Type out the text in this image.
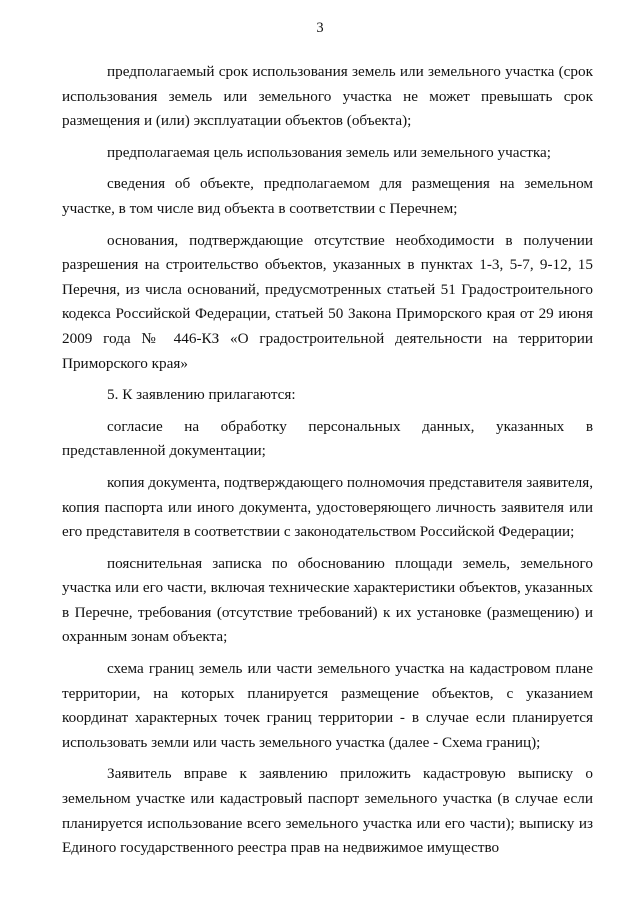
3

предполагаемый срок использования земель или земельного участка (срок использования земель или земельного участка не может превышать срок размещения и (или) эксплуатации объектов (объекта);

предполагаемая цель использования земель или земельного участка;

сведения об объекте, предполагаемом для размещения на земельном участке, в том числе вид объекта в соответствии с Перечнем;

основания, подтверждающие отсутствие необходимости в получении разрешения на строительство объектов, указанных в пунктах 1-3, 5-7, 9-12, 15 Перечня, из числа оснований, предусмотренных статьей 51 Градостроительного кодекса Российской Федерации, статьей 50 Закона Приморского края от 29 июня 2009 года № 446-КЗ «О градостроительной деятельности на территории Приморского края»

5. К заявлению прилагаются:

согласие на обработку персональных данных, указанных в представленной документации;

копия документа, подтверждающего полномочия представителя заявителя, копия паспорта или иного документа, удостоверяющего личность заявителя или его представителя в соответствии с законодательством Российской Федерации;

пояснительная записка по обоснованию площади земель, земельного участка или его части, включая технические характеристики объектов, указанных в Перечне, требования (отсутствие требований) к их установке (размещению) и охранным зонам объекта;

схема границ земель или части земельного участка на кадастровом плане территории, на которых планируется размещение объектов, с указанием координат характерных точек границ территории - в случае если планируется использовать земли или часть земельного участка (далее - Схема границ);

Заявитель вправе к заявлению приложить кадастровую выписку о земельном участке или кадастровый паспорт земельного участка (в случае если планируется использование всего земельного участка или его части); выписку из Единого государственного реестра прав на недвижимое имущество
